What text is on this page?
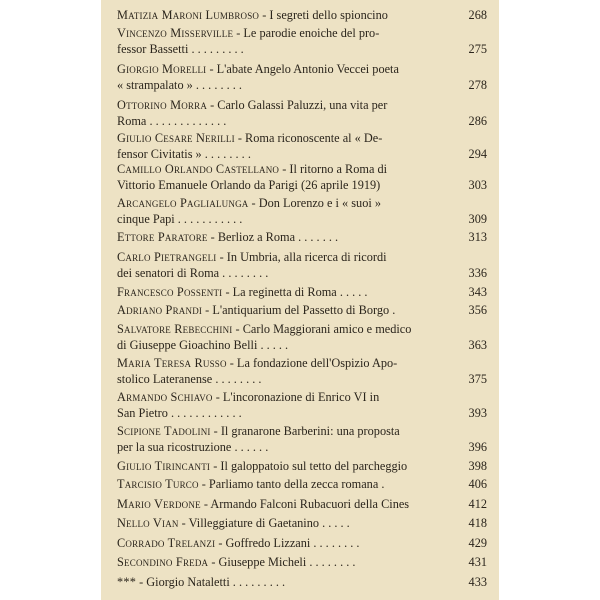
Matizia Maroni Lumbroso - I segreti dello spioncino	268
Vincenzo Misserville - Le parodie enoiche del pro-
fessor Bassetti . . . . . . . . .	275
Giorgio Morelli - L'abate Angelo Antonio Veccei poeta
« strampalato » . . . . . . . .	278
Ottorino Morra - Carlo Galassi Paluzzi, una vita per
Roma . . . . . . . . . . . . .	286
Giulio Cesare Nerilli - Roma riconoscente al « De-
fensor Civitatis » . . . . . . . .	294
Camillo Orlando Castellano - Il ritorno a Roma di
Vittorio Emanuele Orlando da Parigi (26 aprile 1919)	303
Arcangelo Paglialunga - Don Lorenzo e i « suoi »
cinque Papi . . . . . . . . . . .	309
Ettore Paratore - Berlioz a Roma . . . . . . .	313
Carlo Pietrangeli - In Umbria, alla ricerca di ricordi
dei senatori di Roma . . . . . . . .	336
Francesco Possenti - La reginetta di Roma . . . . .	343
Adriano Prandi - L'antiquarium del Passetto di Borgo .	356
Salvatore Rebecchini - Carlo Maggiorani amico e medico
di Giuseppe Gioachino Belli . . . . .	363
Maria Teresa Russo - La fondazione dell'Ospizio Apo-
stolico Lateranense . . . . . . . .	375
Armando Schiavo - L'incoronazione di Enrico VI in
San Pietro . . . . . . . . . . . .	393
Scipione Tadolini - Il granarone Barberini: una proposta
per la sua ricostruzione . . . . . .	396
Giulio Tirincanti - Il galoppatoio sul tetto del parcheggio	398
Tarcisio Turco - Parliamo tanto della zecca romana .	406
Mario Verdone - Armando Falconi Rubacuori della Cines	412
Nello Vian - Villeggiature di Gaetanino . . . . .	418
Corrado Trelanzi - Goffredo Lizzani . . . . . . . .	429
Secondino Freda - Giuseppe Micheli . . . . . . . .	431
*** - Giorgio Nataletti . . . . . . . . .	433
